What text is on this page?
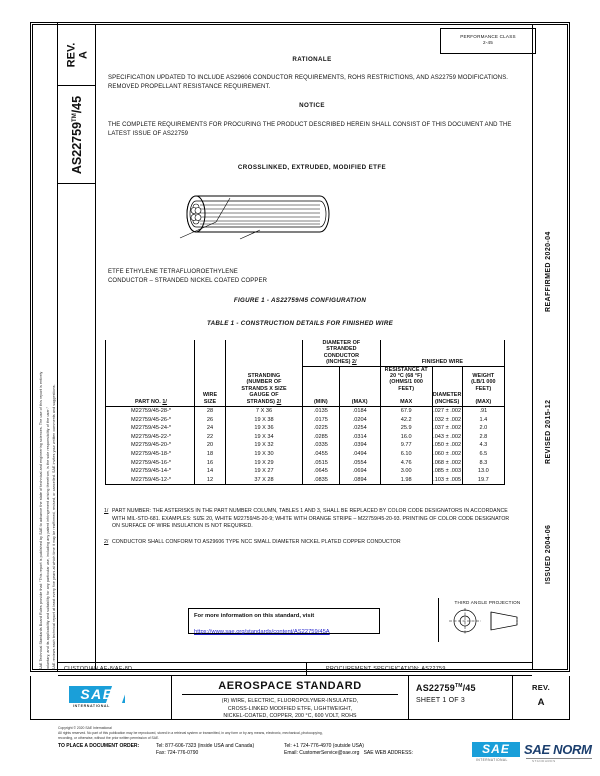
SAE Technical Standards Board Rules provide that: “This report is published by SAE to advance the state of technical and engineering sciences. The use of this report is entirely voluntary, and its applicability and suitability for any particular use, including any patent infringement arising therefrom, is the sole responsibility of the user.” SAE reviews each technical report at least every five years at which time it may be reaffirmed, revised, or cancelled. SAE invites your written comments and suggestions.
REV. A
AS22759™/45
REAFFIRMED 2020-04
REVISED 2015-12
ISSUED 2004-06
PERFORMANCE CLASS
2-45
RATIONALE
SPECIFICATION UPDATED TO INCLUDE AS29606 CONDUCTOR REQUIREMENTS, ROHS RESTRICTIONS, AND AS22759 MODIFICATIONS. REMOVED PROPELLANT RESISTANCE REQUIREMENT.
NOTICE
THE COMPLETE REQUIREMENTS FOR PROCURING THE PRODUCT DESCRIBED HEREIN SHALL CONSIST OF THIS DOCUMENT AND THE LATEST ISSUE OF AS22759
CROSSLINKED, EXTRUDED, MODIFIED ETFE
ETFE ETHYLENE TETRAFLUOROETHYLENE
CONDUCTOR – STRANDED NICKEL COATED COPPER
FIGURE 1 - AS22759/45 CONFIGURATION
TABLE 1 - CONSTRUCTION DETAILS FOR FINISHED WIRE

			DIAMETER OF
STRANDED
CONDUCTOR
(INCHES) 2/		FINISHED WIRE		

STRANDING
(NUMBER OF
STRANDS X SIZE

RESISTANCE AT
20 °C (68 °F)
(OHMS/1 000 FEET)

WEIGHT
(LB/1 000 FEET)

PART NO. 1/	
WIRE
SIZE

GAUGE OF
STRANDS) 2/	(MIN)	(MAX)	MAX

DIAMETER
(INCHES)	(MAX)

M22759/45-28-*	28	7 X 36	.0135	.0184	67.9	.027 ± .002	.91
M22759/45-26-*	26	19 X 38	.0175	.0204	42.2	.032 ± .002	1.4
M22759/45-24-*	24	19 X 36	.0225	.0254	25.9	.037 ± .002	2.0
M22759/45-22-*	22	19 X 34	.0285	.0314	16.0	.043 ± .002	2.8
M22759/45-20-*	20	19 X 32	.0335	.0394	9.77	.050 ± .002	4.3
M22759/45-18-*	18	19 X 30	.0455	.0494	6.10	.060 ± .002	6.5
M22759/45-16-*	16	19 X 29	.0515	.0554	4.76	.068 ± .002	8.3
M22759/45-14-*	14	19 X 27	.0645	.0694	3.00	.085 ± .003	13.0
M22759/45-12-*	12	37 X 28	.0835	.0894	1.98	.103 ± .005	19.7
1/ PART NUMBER: THE ASTERISKS IN THE PART NUMBER COLUMN, TABLES 1 AND 3, SHALL BE REPLACED BY COLOR CODE DESIGNATORS IN ACCORDANCE WITH MIL-STD-681. EXAMPLES: SIZE 20, WHITE M22759/45-20-9; WHITE WITH ORANGE STRIPE – M22759/45-20-93. PRINTING OF COLOR CODE DESIGNATOR ON SURFACE OF WIRE INSULATION IS NOT REQUIRED.
2/ CONDUCTOR SHALL CONFORM TO AS29606 TYPE NCC SMALL DIAMETER NICKEL PLATED COPPER CONDUCTOR
For more information on this standard, visit
https://www.sae.org/standards/content/AS22759/45A
THIRD ANGLE PROJECTION
CUSTODIAN AE-8/AE-8D	PROCUREMENT SPECIFICATION: AS22759
SAE
INTERNATIONAL
AEROSPACE STANDARD
(R) WIRE, ELECTRIC, FLUOROPOLYMER-INSULATED,
CROSS-LINKED MODIFIED ETFE, LIGHTWEIGHT,
NICKEL-COATED, COPPER, 200 °C, 600 VOLT, ROHS
AS22759™/45
SHEET 1 OF 3
REV.
A
Copyright © 2020 SAE International
All rights reserved. No part of this publication may be reproduced, stored in a retrieval system or transmitted, in any form or by any means, electronic, mechanical, photocopying,
recording, or otherwise, without the prior written permission of SAE.
TO PLACE A DOCUMENT ORDER:	Tel: 877-606-7323 (inside USA and Canada)	Tel: +1 724-776-4970 (outside USA)
Fax: 724-776-0790	Email: CustomerService@sae.org SAE WEB ADDRESS:	SAE	SAE NORM
INTERNATIONAL	STANDARDS
